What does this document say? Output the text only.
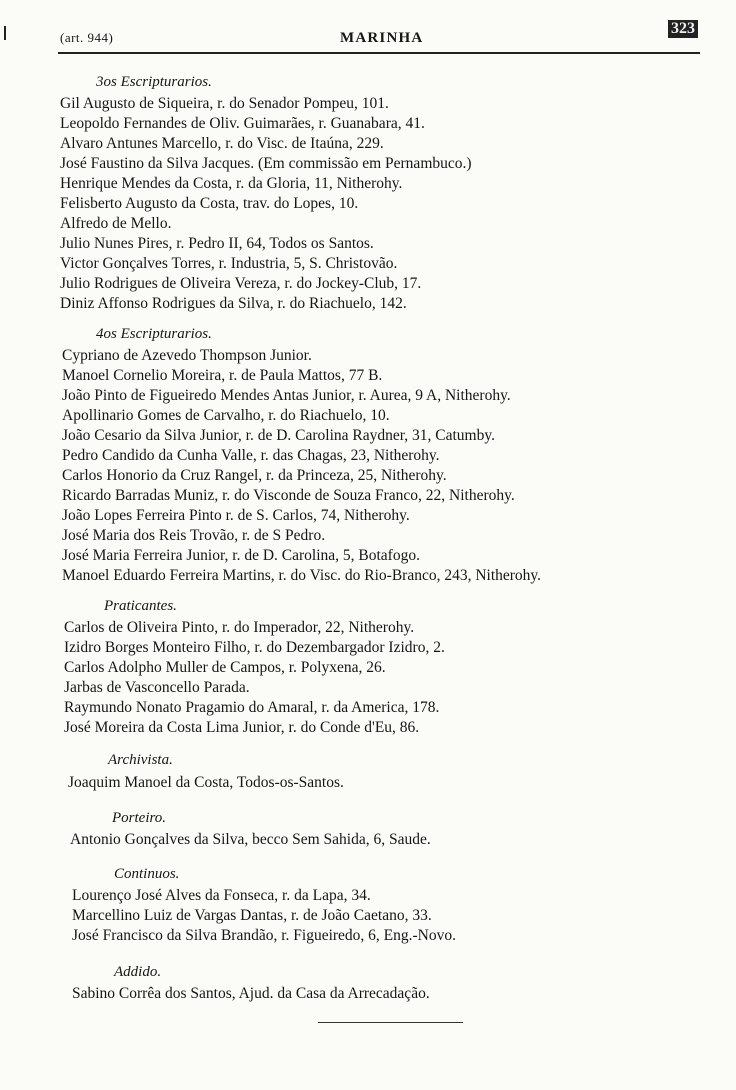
(art. 944)	MARINHA
323
3os Escripturarios.
Gil Augusto de Siqueira, r. do Senador Pompeu, 101.
Leopoldo Fernandes de Oliv. Guimarães, r. Guanabara, 41.
Alvaro Antunes Marcello, r. do Visc. de Itaúna, 229.
José Faustino da Silva Jacques. (Em commissão em Pernambuco.)
Henrique Mendes da Costa, r. da Gloria, 11, Nitherohy.
Felisberto Augusto da Costa, trav. do Lopes, 10.
Alfredo de Mello.
Julio Nunes Pires, r. Pedro II, 64, Todos os Santos.
Victor Gonçalves Torres, r. Industria, 5, S. Christovão.
Julio Rodrigues de Oliveira Vereza, r. do Jockey-Club, 17.
Diniz Affonso Rodrigues da Silva, r. do Riachuelo, 142.
4os Escripturarios.
Cypriano de Azevedo Thompson Junior.
Manoel Cornelio Moreira, r. de Paula Mattos, 77 B.
João Pinto de Figueiredo Mendes Antas Junior, r. Aurea, 9 A, Nitherohy.
Apollinario Gomes de Carvalho, r. do Riachuelo, 10.
João Cesario da Silva Junior, r. de D. Carolina Raydner, 31, Catumby.
Pedro Candido da Cunha Valle, r. das Chagas, 23, Nitherohy.
Carlos Honorio da Cruz Rangel, r. da Princeza, 25, Nitherohy.
Ricardo Barradas Muniz, r. do Visconde de Souza Franco, 22, Nitherohy.
João Lopes Ferreira Pinto r. de S. Carlos, 74, Nitherohy.
José Maria dos Reis Trovão, r. de S Pedro.
José Maria Ferreira Junior, r. de D. Carolina, 5, Botafogo.
Manoel Eduardo Ferreira Martins, r. do Visc. do Rio-Branco, 243, Nitherohy.
Praticantes.
Carlos de Oliveira Pinto, r. do Imperador, 22, Nitherohy.
Izidro Borges Monteiro Filho, r. do Dezembargador Izidro, 2.
Carlos Adolpho Muller de Campos, r. Polyxena, 26.
Jarbas de Vasconcello Parada.
Raymundo Nonato Pragamio do Amaral, r. da America, 178.
José Moreira da Costa Lima Junior, r. do Conde d'Eu, 86.
Archivista.
Joaquim Manoel da Costa, Todos-os-Santos.
Porteiro.
Antonio Gonçalves da Silva, becco Sem Sahida, 6, Saude.
Continuos.
Lourenço José Alves da Fonseca, r. da Lapa, 34.
Marcellino Luiz de Vargas Dantas, r. de João Caetano, 33.
José Francisco da Silva Brandão, r. Figueiredo, 6, Eng.-Novo.
Addido.
Sabino Corrêa dos Santos, Ajud. da Casa da Arrecadação.
